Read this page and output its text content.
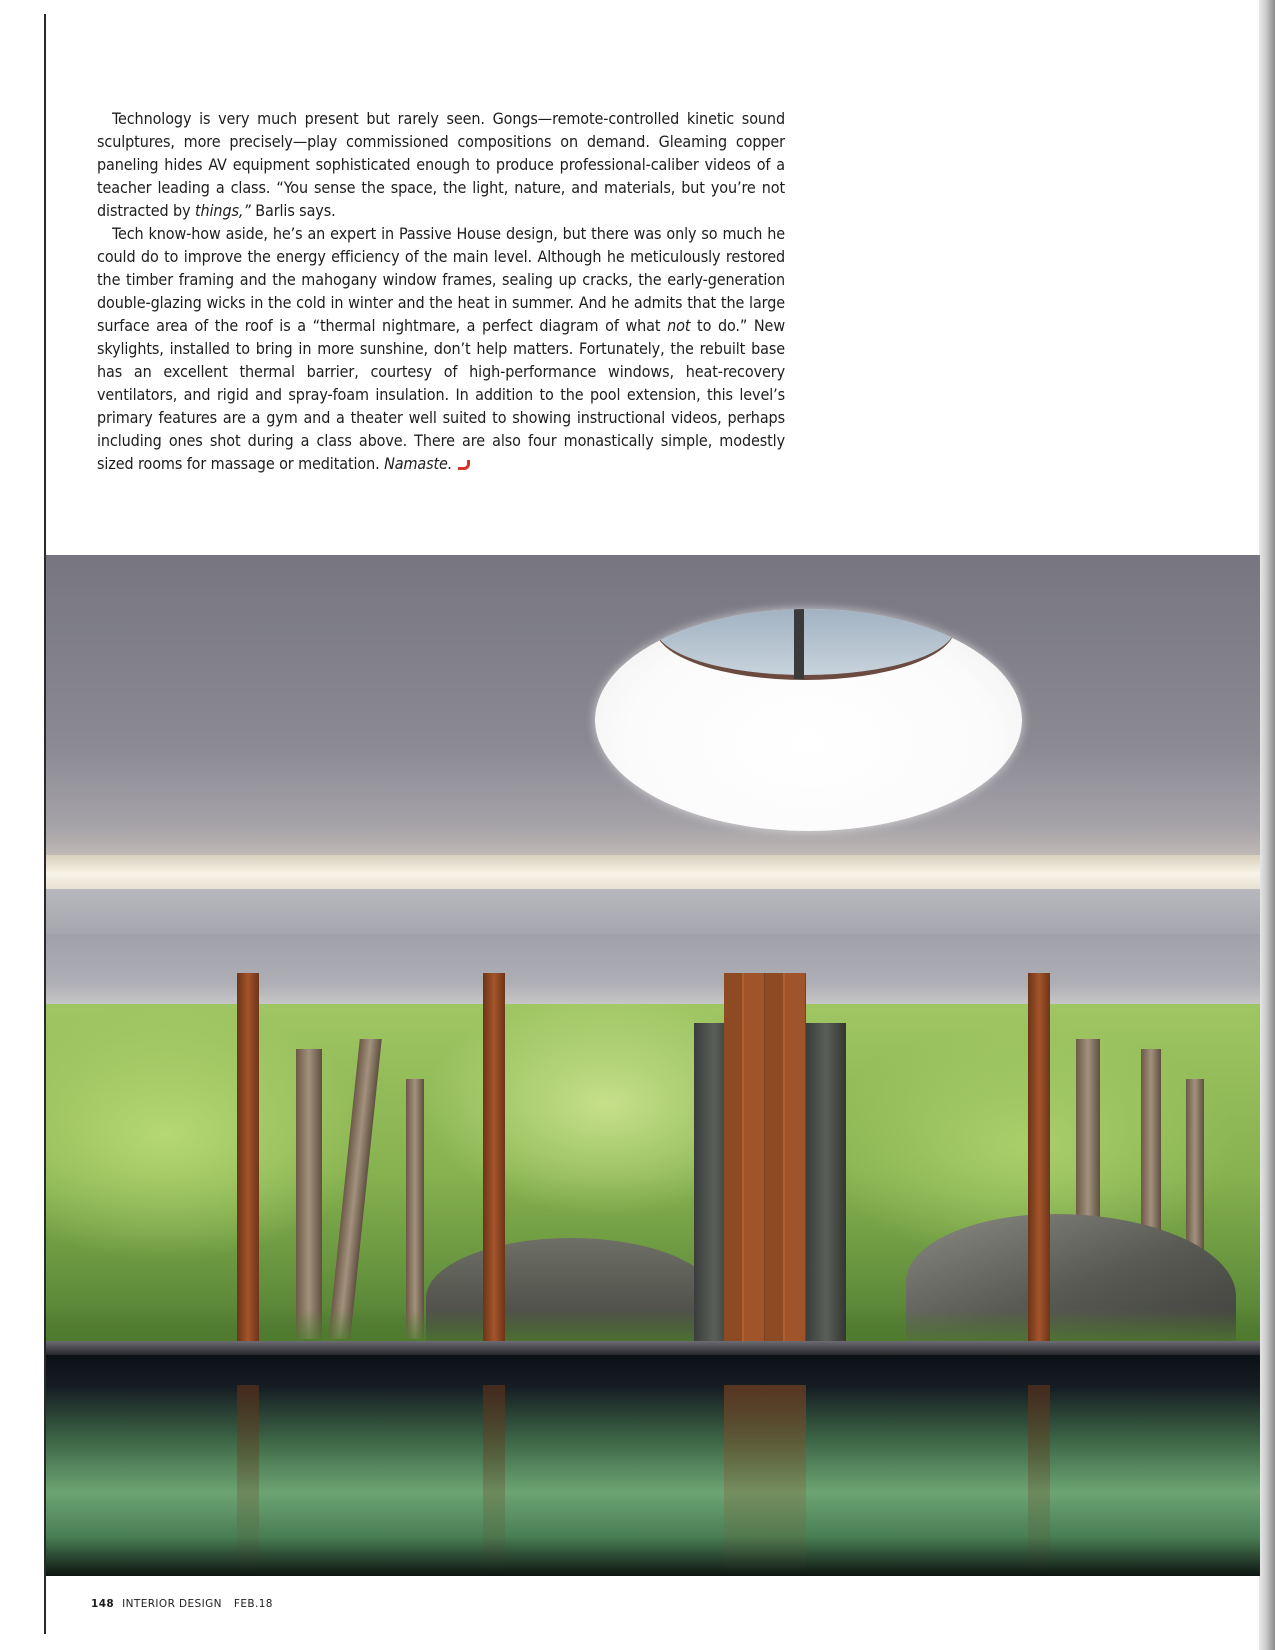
Technology is very much present but rarely seen. Gongs—remote-controlled kinetic sound sculptures, more precisely—play commissioned compositions on demand. Gleaming copper paneling hides AV equipment sophisticated enough to produce professional-caliber videos of a teacher leading a class. “You sense the space, the light, nature, and materials, but you’re not distracted by things,” Barlis says.

Tech know-how aside, he’s an expert in Passive House design, but there was only so much he could do to improve the energy efficiency of the main level. Although he meticulously restored the timber framing and the mahogany window frames, sealing up cracks, the early-generation double-glazing wicks in the cold in winter and the heat in summer. And he admits that the large surface area of the roof is a “thermal nightmare, a perfect diagram of what not to do.” New skylights, installed to bring in more sunshine, don’t help matters. Fortunately, the rebuilt base has an excellent thermal barrier, courtesy of high-performance windows, heat-recovery ventilators, and rigid and spray-foam insulation. In addition to the pool extension, this level’s primary features are a gym and a theater well suited to showing instructional videos, perhaps including ones shot during a class above. There are also four monastically simple, modestly sized rooms for massage or meditation. Namaste.

148 INTERIOR DESIGN FEB.18
